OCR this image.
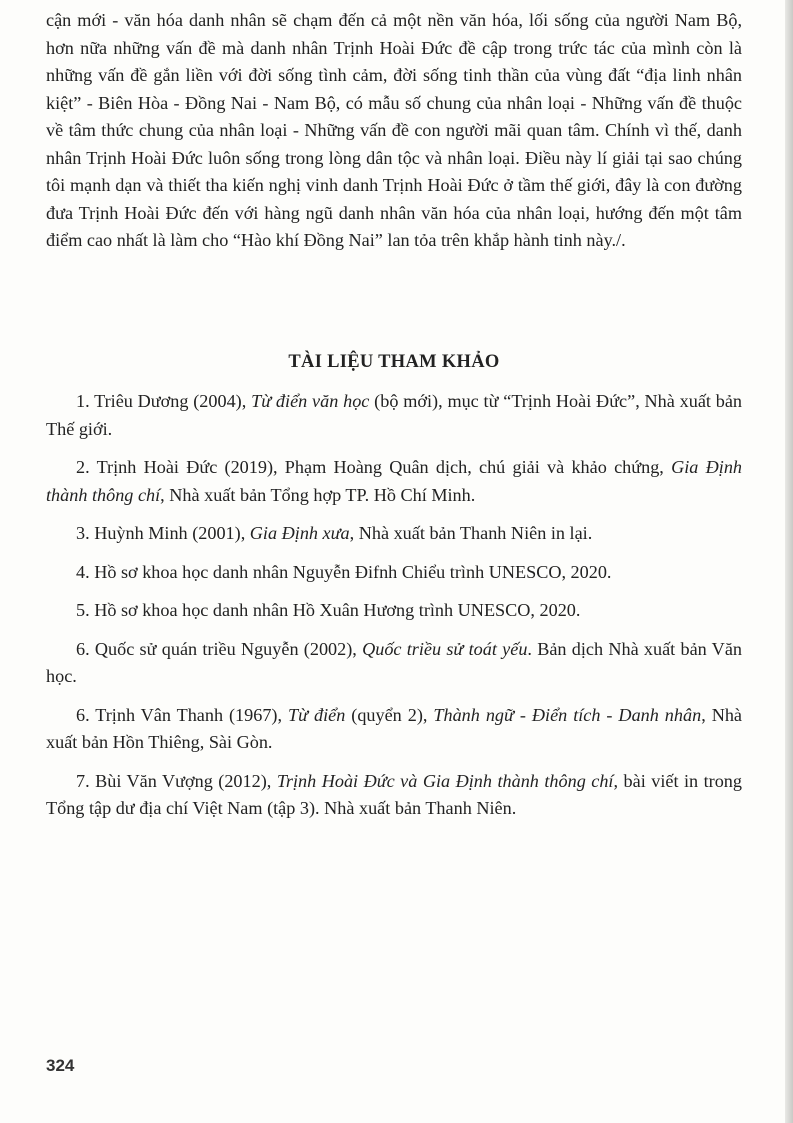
cận mới - văn hóa danh nhân sẽ chạm đến cả một nền văn hóa, lối sống của người Nam Bộ, hơn nữa những vấn đề mà danh nhân Trịnh Hoài Đức đề cập trong trức tác của mình còn là những vấn đề gắn liền với đời sống tình cảm, đời sống tinh thần của vùng đất “địa linh nhân kiệt” - Biên Hòa - Đồng Nai - Nam Bộ, có mẫu số chung của nhân loại - Những vấn đề thuộc về tâm thức chung của nhân loại - Những vấn đề con người mãi quan tâm. Chính vì thế, danh nhân Trịnh Hoài Đức luôn sống trong lòng dân tộc và nhân loại. Điều này lí giải tại sao chúng tôi mạnh dạn và thiết tha kiến nghị vinh danh Trịnh Hoài Đức ở tầm thế giới, đây là con đường đưa Trịnh Hoài Đức đến với hàng ngũ danh nhân văn hóa của nhân loại, hướng đến một tâm điểm cao nhất là làm cho “Hào khí Đồng Nai” lan tỏa trên khắp hành tinh này./.

TÀI LIỆU THAM KHẢO
1. Triêu Dương (2004), Từ điển văn học (bộ mới), mục từ “Trịnh Hoài Đức”, Nhà xuất bản Thế giới.
2. Trịnh Hoài Đức (2019), Phạm Hoàng Quân dịch, chú giải và khảo chứng, Gia Định thành thông chí, Nhà xuất bản Tổng hợp TP. Hồ Chí Minh.
3. Huỳnh Minh (2001), Gia Định xưa, Nhà xuất bản Thanh Niên in lại.
4. Hồ sơ khoa học danh nhân Nguyễn Đifnh Chiểu trình UNESCO, 2020.
5. Hồ sơ khoa học danh nhân Hồ Xuân Hương trình UNESCO, 2020.
6. Quốc sử quán triều Nguyễn (2002), Quốc triều sử toát yếu. Bản dịch Nhà xuất bản Văn học.
6. Trịnh Vân Thanh (1967), Từ điển (quyển 2), Thành ngữ - Điển tích - Danh nhân, Nhà xuất bản Hồn Thiêng, Sài Gòn.
7. Bùi Văn Vượng (2012), Trịnh Hoài Đức và Gia Định thành thông chí, bài viết in trong Tổng tập dư địa chí Việt Nam (tập 3). Nhà xuất bản Thanh Niên.
324
